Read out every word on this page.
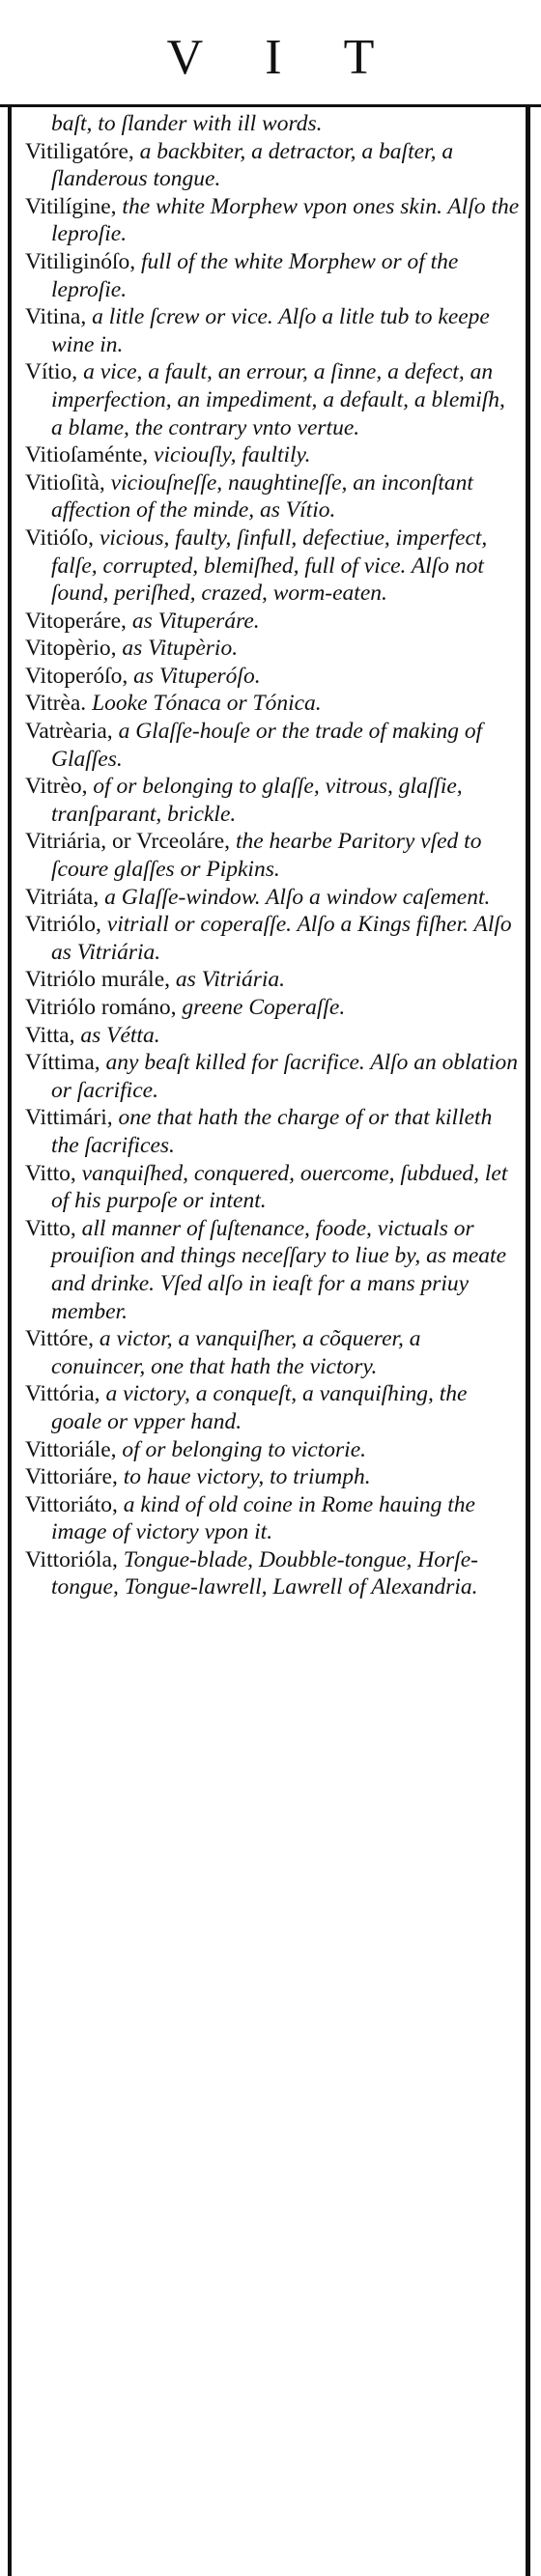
V I T
baſt, to ſlander with ill words.
Vitiligatóre, a backbiter, a detractor, a baſter, a ſlanderous tongue.
Vitilígine, the white Morphew vpon ones skin. Alſo the leproſie.
Vitiliginóſo, full of the white Morphew or of the leproſie.
Vitina, a litle ſcrew or vice. Alſo a litle tub to keepe wine in.
Vítio, a vice, a fault, an errour, a ſinne, a defect, an imperfection, an impediment, a default, a blemiſh, a blame, the contrary vnto vertue.
Vitioſaménte, viciouſly, faultily.
Vitioſità, viciouſneſſe, naughtineſſe, an inconſtant affection of the minde, as Vítio.
Vitióſo, vicious, faulty, ſinfull, defectiue, imperfect, falſe, corrupted, blemiſhed, full of vice. Alſo not ſound, periſhed, crazed, worm-eaten.
Vitoperáre, as Vituperáre.
Vitopèrio, as Vitupèrio.
Vitoperóſo, as Vituperóſo.
Vitrèa. Looke Tónaca or Tónica.
Vatrèaria, a Glaſſe-houſe or the trade of making of Glaſſes.
Vitrèo, of or belonging to glaſſe, vitrous, glaſſie, tranſparant, brickle.
Vitriária, or Vrceoláre, the hearbe Paritory vſed to ſcoure glaſſes or Pipkins.
Vitriáta, a Glaſſe-window. Alſo a window caſement.
Vitriólo, vitriall or coperaſſe. Alſo a Kings fiſher. Alſo as Vitriária.
Vitriólo murále, as Vitriária.
Vitriólo románo, greene Coperaſſe.
Vitta, as Vétta.
Víttima, any beaſt killed for ſacrifice. Alſo an oblation or ſacrifice.
Vittimári, one that hath the charge of or that killeth the ſacrifices.
Vitto, vanquiſhed, conquered, ouercome, ſubdued, let of his purpoſe or intent.
Vitto, all manner of ſuſtenance, foode, victuals or prouiſion and things neceſſary to liue by, as meate and drinke. Vſed alſo in ieaſt for a mans priuy member.
Vittóre, a victor, a vanquiſher, a cõquerer, a conuincer, one that hath the victory.
Vittória, a victory, a conqueſt, a vanquiſhing, the goale or vpper hand.
Vittoriále, of or belonging to victorie.
Vittoriáre, to haue victory, to triumph.
Vittoriáto, a kind of old coine in Rome hauing the image of victory vpon it.
Vittorióla, Tongue-blade, Doubble-tongue, Horſe-tongue, Tongue-lawrell, Lawrell of Alexandria.
